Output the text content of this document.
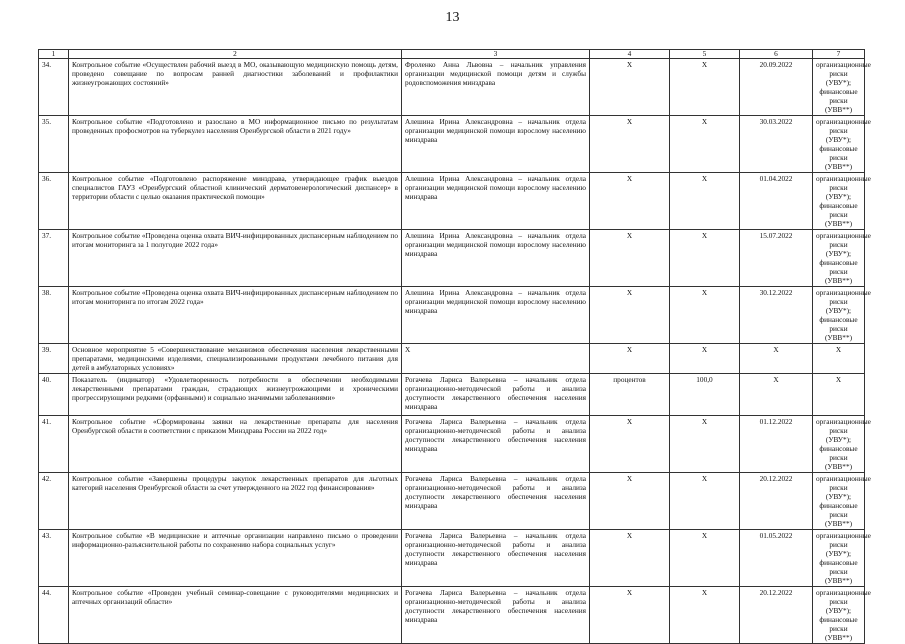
13
1	2	3	4	5	6	7
34.	Контрольное событие «Осуществлен рабочий выезд в МО, оказывающую медицинскую помощь детям, проведено совещание по вопросам ранней диагностики заболеваний и профилактики жизнеугрожающих состояний»	Фроленко Анна Львовна – начальник управления организации медицинской помощи детям и службы родовспоможения минздрава	Х	Х	20.09.2022	организационные риски (УВУ*); финансовые риски (УВВ**)
35.	Контрольное событие «Подготовлено и разослано в МО информационное письмо по результатам проведенных профосмотров на туберкулез населения Оренбургской области в 2021 году»	Алешина Ирина Александровна – начальник отдела организации медицинской помощи взрослому населению минздрава	Х	Х	30.03.2022	организационные риски (УВУ*); финансовые риски (УВВ**)
36.	Контрольное событие «Подготовлено распоряжение минздрава, утверждающее график выездов специалистов ГАУЗ «Оренбургский областной клинический дерматовенерологический диспансер» в территории области с целью оказания практической помощи»	Алешина Ирина Александровна – начальник отдела организации медицинской помощи взрослому населению минздрава	Х	Х	01.04.2022	организационные риски (УВУ*); финансовые риски (УВВ**)
37.	Контрольное событие «Проведена оценка охвата ВИЧ-инфицированных диспансерным наблюдением по итогам мониторинга за 1 полугодие 2022 года»	Алешина Ирина Александровна – начальник отдела организации медицинской помощи взрослому населению минздрава	Х	Х	15.07.2022	организационные риски (УВУ*); финансовые риски (УВВ**)
38.	Контрольное событие «Проведена оценка охвата ВИЧ-инфицированных диспансерным наблюдением по итогам мониторинга по итогам 2022 года»	Алешина Ирина Александровна – начальник отдела организации медицинской помощи взрослому населению минздрава	Х	Х	30.12.2022	организационные риски (УВУ*); финансовые риски (УВВ**)
39.	Основное мероприятие 5 «Совершенствование механизмов обеспечения населения лекарственными препаратами, медицинскими изделиями, специализированными продуктами лечебного питания для детей в амбулаторных условиях»	Х	Х	Х	Х	Х
40.	Показатель (индикатор) «Удовлетворенность потребности в обеспечении необходимыми лекарственными препаратами граждан, страдающих жизнеугрожающими и хроническими прогрессирующими редкими (орфанными) и социально значимыми заболеваниями»	Рогачева Лариса Валерьевна – начальник отдела организационно-методической работы и анализа доступности лекарственного обеспечения населения минздрава	процентов	100,0	Х	Х
41.	Контрольное событие «Сформированы заявки на лекарственные препараты для населения Оренбургской области в соответствии с приказом Минздрава России на 2022 год»	Рогачева Лариса Валерьевна – начальник отдела организационно-методической работы и анализа доступности лекарственного обеспечения населения минздрава	Х	Х	01.12.2022	организационные риски (УВУ*); финансовые риски (УВВ**)
42.	Контрольное событие «Завершены процедуры закупок лекарственных препаратов для льготных категорий населения Оренбургской области за счет утвержденного на 2022 год финансирования»	Рогачева Лариса Валерьевна – начальник отдела организационно-методической работы и анализа доступности лекарственного обеспечения населения минздрава	Х	Х	20.12.2022	организационные риски (УВУ*); финансовые риски (УВВ**)
43.	Контрольное событие «В медицинские и аптечные организации направлено письмо о проведении информационно-разъяснительной работы по сохранению набора социальных услуг»	Рогачева Лариса Валерьевна – начальник отдела организационно-методической работы и анализа доступности лекарственного обеспечения населения минздрава	Х	Х	01.05.2022	организационные риски (УВУ*); финансовые риски (УВВ**)
44.	Контрольное событие «Проведен учебный семинар-совещание с руководителями медицинских и аптечных организаций области»	Рогачева Лариса Валерьевна – начальник отдела организационно-методической работы и анализа доступности лекарственного обеспечения населения минздрава	Х	Х	20.12.2022	организационные риски (УВУ*); финансовые риски (УВВ**)
